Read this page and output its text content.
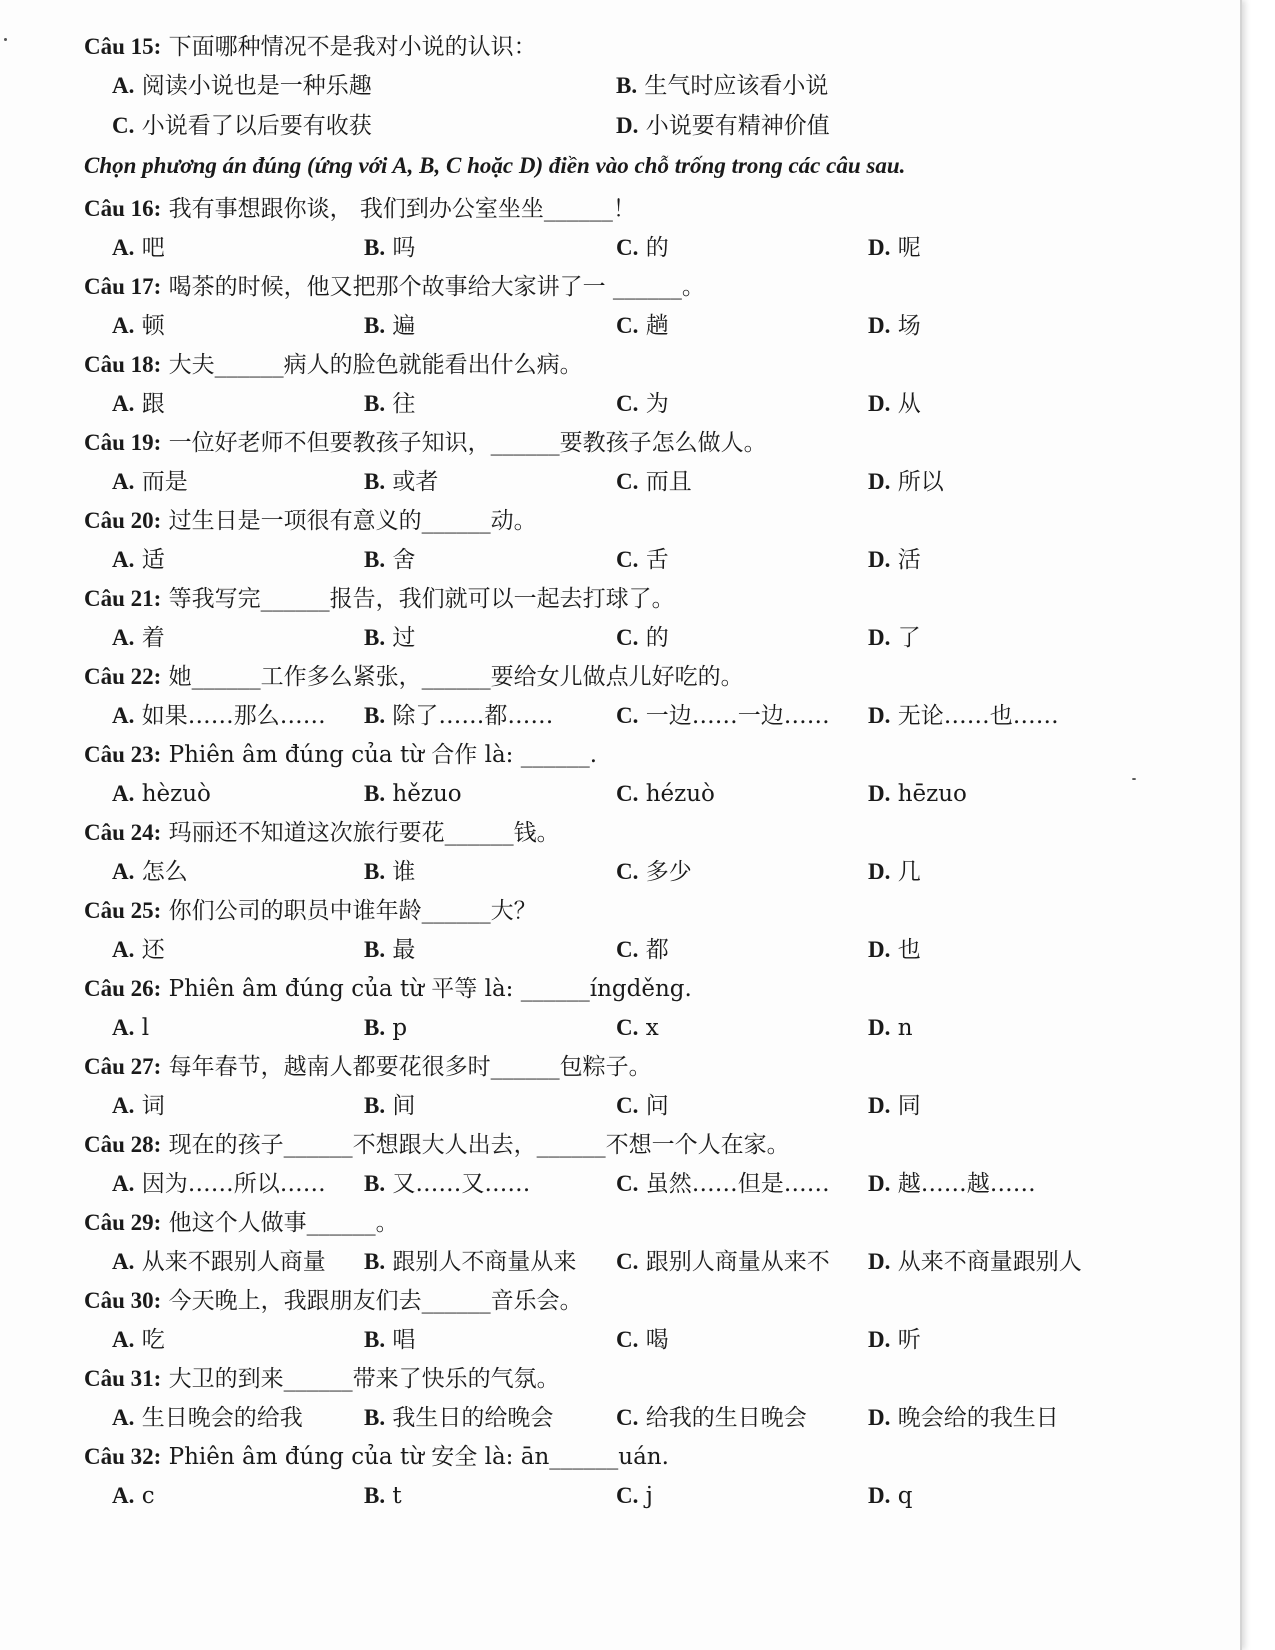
Câu 15: 下面哪种情况不是我对小说的认识：
A. 阅读小说也是一种乐趣	B. 生气时应该看小说
C. 小说看了以后要有收获	D. 小说要有精神价值
Chọn phương án đúng (ứng với A, B, C hoặc D) điền vào chỗ trống trong các câu sau.
Câu 16: 我有事想跟你谈， 我们到办公室坐坐______！
A. 吧	B. 吗	C. 的	D. 呢
Câu 17: 喝茶的时候，他又把那个故事给大家讲了一 ______。
A. 顿	B. 遍	C. 趟	D. 场
Câu 18: 大夫______病人的脸色就能看出什么病。
A. 跟	B. 往	C. 为	D. 从
Câu 19: 一位好老师不但要教孩子知识，______要教孩子怎么做人。
A. 而是	B. 或者	C. 而且	D. 所以
Câu 20: 过生日是一项很有意义的______动。
A. 适	B. 舍	C. 舌	D. 活
Câu 21: 等我写完______报告，我们就可以一起去打球了。
A. 着	B. 过	C. 的	D. 了
Câu 22: 她______工作多么紧张，______要给女儿做点儿好吃的。
A. 如果……那么…… B. 除了……都……	C. 一边……一边…… D. 无论……也……
Câu 23: Phiên âm đúng của từ 合作 là: ______.
A. hèzuò	B. hězuo	C. hézuò	D. hēzuo
Câu 24: 玛丽还不知道这次旅行要花______钱。
A. 怎么	B. 谁	C. 多少	D. 几
Câu 25: 你们公司的职员中谁年龄______大？
A. 还	B. 最	C. 都	D. 也
Câu 26: Phiên âm đúng của từ 平等 là: ______íngděng.
A. l	B. p	C. x	D. n
Câu 27: 每年春节，越南人都要花很多时______包粽子。
A. 词	B. 间	C. 问	D. 同
Câu 28: 现在的孩子______不想跟大人出去，______不想一个人在家。
A. 因为……所以…… B. 又……又……	C. 虽然……但是…… D. 越……越……
Câu 29: 他这个人做事______。
A. 从来不跟别人商量 B. 跟别人不商量从来 C. 跟别人商量从来不 D. 从来不商量跟别人
Câu 30: 今天晚上，我跟朋友们去______音乐会。
A. 吃	B. 唱	C. 喝	D. 听
Câu 31: 大卫的到来______带来了快乐的气氛。
A. 生日晚会的给我	B. 我生日的给晚会	C. 给我的生日晚会	D. 晚会给的我生日
Câu 32: Phiên âm đúng của từ 安全 là: ān______uán.
A. c	B. t	C. j	D. q
